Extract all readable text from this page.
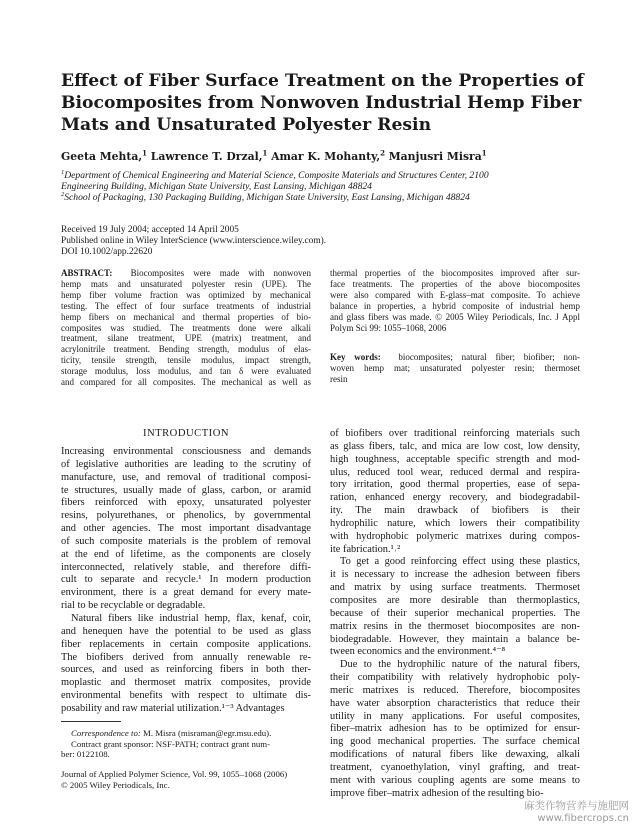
Effect of Fiber Surface Treatment on the Properties of
Biocomposites from Nonwoven Industrial Hemp Fiber
Mats and Unsaturated Polyester Resin
Geeta Mehta,$^1$ Lawrence T. Drzal,$^1$ Amar K. Mohanty,$^2$ Manjusri Misra$^1$
$^1$Department of Chemical Engineering and Material Science, Composite Materials and Structures Center, 2100
Engineering Building, Michigan State University, East Lansing, Michigan 48824
$^2$School of Packaging, 130 Packaging Building, Michigan State University, East Lansing, Michigan 48824
Received 19 July 2004; accepted 14 April 2005
Published online in Wiley InterScience (www.interscience.wiley.com).
DOI 10.1002/app.22620
ABSTRACT: Biocomposites were made with nonwoven
hemp mats and unsaturated polyester resin (UPE). The
hemp fiber volume fraction was optimized by mechanical
testing. The effect of four surface treatments of industrial
hemp fibers on mechanical and thermal properties of bio-
composites was studied. The treatments done were alkali
treatment, silane treatment, UPE (matrix) treatment, and
acrylonitrile treatment. Bending strength, modulus of elas-
ticity, tensile strength, tensile modulus, impact strength,
storage modulus, loss modulus, and tan δ were evaluated
and compared for all composites. The mechanical as well as
thermal properties of the biocomposites improved after sur-
face treatments. The properties of the above biocomposites
were also compared with E-glass–mat composite. To achieve
balance in properties, a hybrid composite of industrial hemp
and glass fibers was made. © 2005 Wiley Periodicals, Inc. J Appl
Polym Sci 99: 1055–1068, 2006
Key words: biocomposites; natural fiber; biofiber; non-
woven hemp mat; unsaturated polyester resin; thermoset
resin
INTRODUCTION
Increasing environmental consciousness and demands
of legislative authorities are leading to the scrutiny of
manufacture, use, and removal of traditional composi-
te structures, usually made of glass, carbon, or aramid
fibers reinforced with epoxy, unsaturated polyester
resins, polyurethanes, or phenolics, by governmental
and other agencies. The most important disadvantage
of such composite materials is the problem of removal
at the end of lifetime, as the components are closely
interconnected, relatively stable, and therefore diffi-
cult to separate and recycle.¹ In modern production
environment, there is a great demand for every mate-
rial to be recyclable or degradable.
Natural fibers like industrial hemp, flax, kenaf, coir,
and henequen have the potential to be used as glass
fiber replacements in certain composite applications.
The biofibers derived from annually renewable re-
sources, and used as reinforcing fibers in both ther-
moplastic and thermoset matrix composites, provide
environmental benefits with respect to ultimate dis-
posability and raw material utilization.¹⁻³ Advantages
of biofibers over traditional reinforcing materials such
as glass fibers, talc, and mica are low cost, low density,
high toughness, acceptable specific strength and mod-
ulus, reduced tool wear, reduced dermal and respira-
tory irritation, good thermal properties, ease of sepa-
ration, enhanced energy recovery, and biodegradabil-
ity. The main drawback of biofibers is their
hydrophilic nature, which lowers their compatibility
with hydrophobic polymeric matrixes during compos-
ite fabrication.¹˒²
To get a good reinforcing effect using these plastics,
it is necessary to increase the adhesion between fibers
and matrix by using surface treatments. Thermoset
composites are more desirable than thermoplastics,
because of their superior mechanical properties. The
matrix resins in the thermoset biocomposites are non-
biodegradable. However, they maintain a balance be-
tween economics and the environment.⁴⁻⁸
Due to the hydrophilic nature of the natural fibers,
their compatibility with relatively hydrophobic poly-
meric matrixes is reduced. Therefore, biocomposites
have water absorption characteristics that reduce their
utility in many applications. For useful composites,
fiber–matrix adhesion has to be optimized for ensur-
ing good mechanical properties. The surface chemical
modifications of natural fibers like dewaxing, alkali
treatment, cyanoethylation, vinyl grafting, and treat-
ment with various coupling agents are some means to
improve fiber–matrix adhesion of the resulting bio-
Correspondence to: M. Misra (misraman@egr.msu.edu).
Contract grant sponsor: NSF-PATH; contract grant num-
ber: 0122108.
Journal of Applied Polymer Science, Vol. 99, 1055–1068 (2006)
© 2005 Wiley Periodicals, Inc.
麻类作物营养与施肥网
www.fibercrops.cn
